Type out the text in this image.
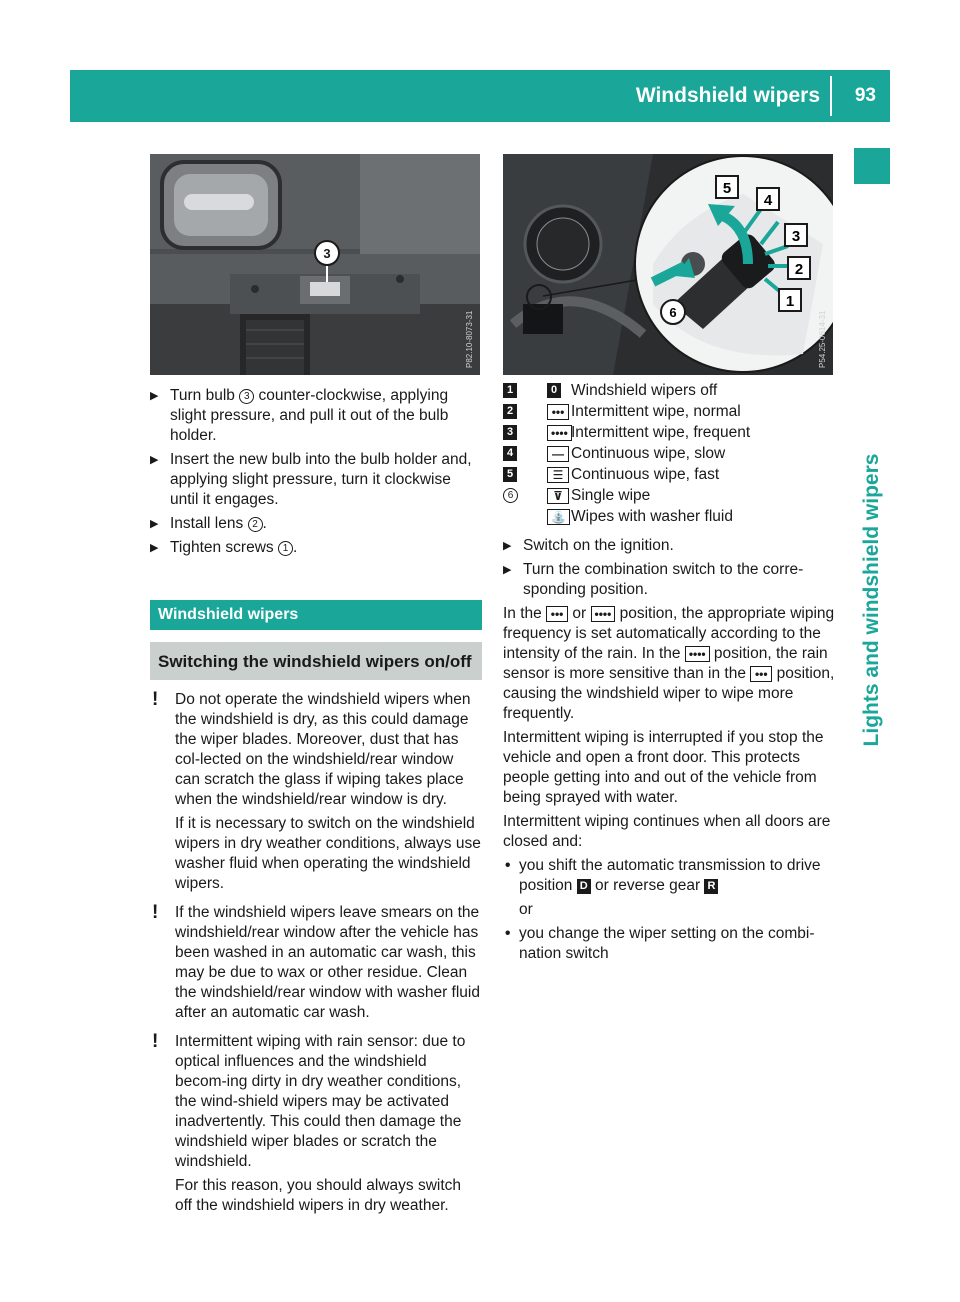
Windshield wipers 93
Lights and windshield wipers
3
P82.10-8073-31
▶ Turn bulb 3 counter-clockwise, applying slight pressure, and pull it out of the bulb holder.
▶ Insert the new bulb into the bulb holder and, applying slight pressure, turn it clockwise until it engages.
▶ Install lens 2 .
▶ Tighten screws 1 .
Windshield wipers
Switching the windshield wipers on/off
! Do not operate the windshield wipers when the windshield is dry, as this could damage the wiper blades. Moreover, dust that has col-lected on the windshield/rear window can scratch the glass if wiping takes place when the windshield/rear window is dry.

If it is necessary to switch on the windshield wipers in dry weather conditions, always use washer fluid when operating the windshield wipers.

! If the windshield wipers leave smears on the windshield/rear window after the vehicle has been washed in an automatic car wash, this may be due to wax or other residue. Clean the windshield/rear window with washer fluid after an automatic car wash.

! Intermittent wiping with rain sensor: due to optical influences and the windshield becom-ing dirty in dry weather conditions, the wind-shield wipers may be activated inadvertently. This could then damage the windshield wiper blades or scratch the windshield.

For this reason, you should always switch off the windshield wipers in dry weather.

5
4
3
2
1
6	P54.25-0614-31
1	0 Windshield wipers off
2	••• Intermittent wipe, normal
3	•••• Intermittent wipe, frequent
4	— Continuous wipe, slow
5	☰ Continuous wipe, fast
6	⊽ Single wipe
⛲ Wipes with washer fluid
▶ Switch on the ignition.
▶ Turn the combination switch to the corre-sponding position.

In the ••• or •••• position, the appropriate wiping frequency is set automatically according to the intensity of the rain. In the •••• position, the rain sensor is more sensitive than in the ••• position, causing the windshield wiper to wipe more frequently.

Intermittent wiping is interrupted if you stop the vehicle and open a front door. This protects people getting into and out of the vehicle from being sprayed with water.

Intermittent wiping continues when all doors are closed and:

• you shift the automatic transmission to drive position D or reverse gear R
or
• you change the wiper setting on the combi-nation switch
